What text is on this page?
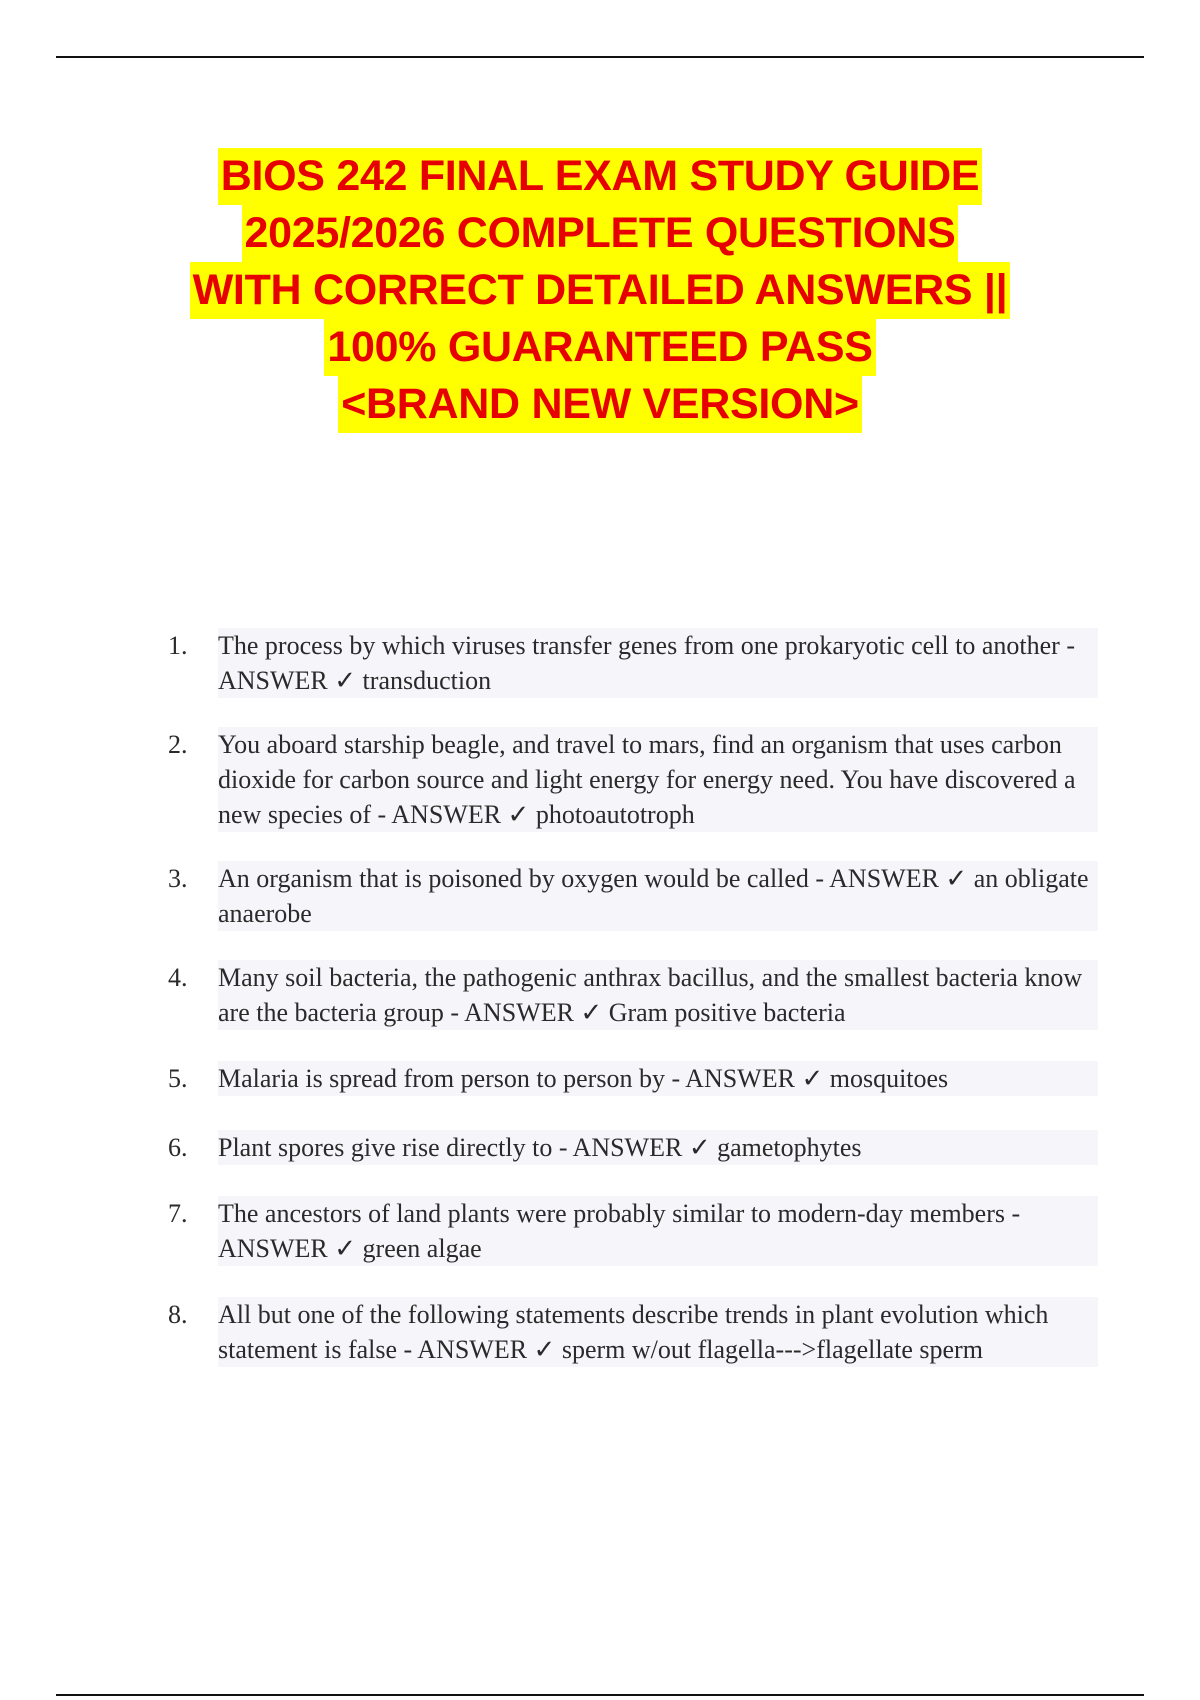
BIOS 242 FINAL EXAM STUDY GUIDE
2025/2026 COMPLETE QUESTIONS
WITH CORRECT DETAILED ANSWERS ||
100% GUARANTEED PASS
<BRAND NEW VERSION>
1.	The process by which viruses transfer genes from one prokaryotic cell to another - ANSWER ✓ transduction
2.	You aboard starship beagle, and travel to mars, find an organism that uses carbon dioxide for carbon source and light energy for energy need. You have discovered a new species of - ANSWER ✓ photoautotroph
3.	An organism that is poisoned by oxygen would be called - ANSWER ✓ an obligate anaerobe
4.	Many soil bacteria, the pathogenic anthrax bacillus, and the smallest bacteria know are the bacteria group - ANSWER ✓ Gram positive bacteria
5.	Malaria is spread from person to person by - ANSWER ✓ mosquitoes
6.	Plant spores give rise directly to - ANSWER ✓ gametophytes
7.	The ancestors of land plants were probably similar to modern-day members - ANSWER ✓ green algae
8.	All but one of the following statements describe trends in plant evolution which statement is false - ANSWER ✓ sperm w/out flagella--->flagellate sperm
